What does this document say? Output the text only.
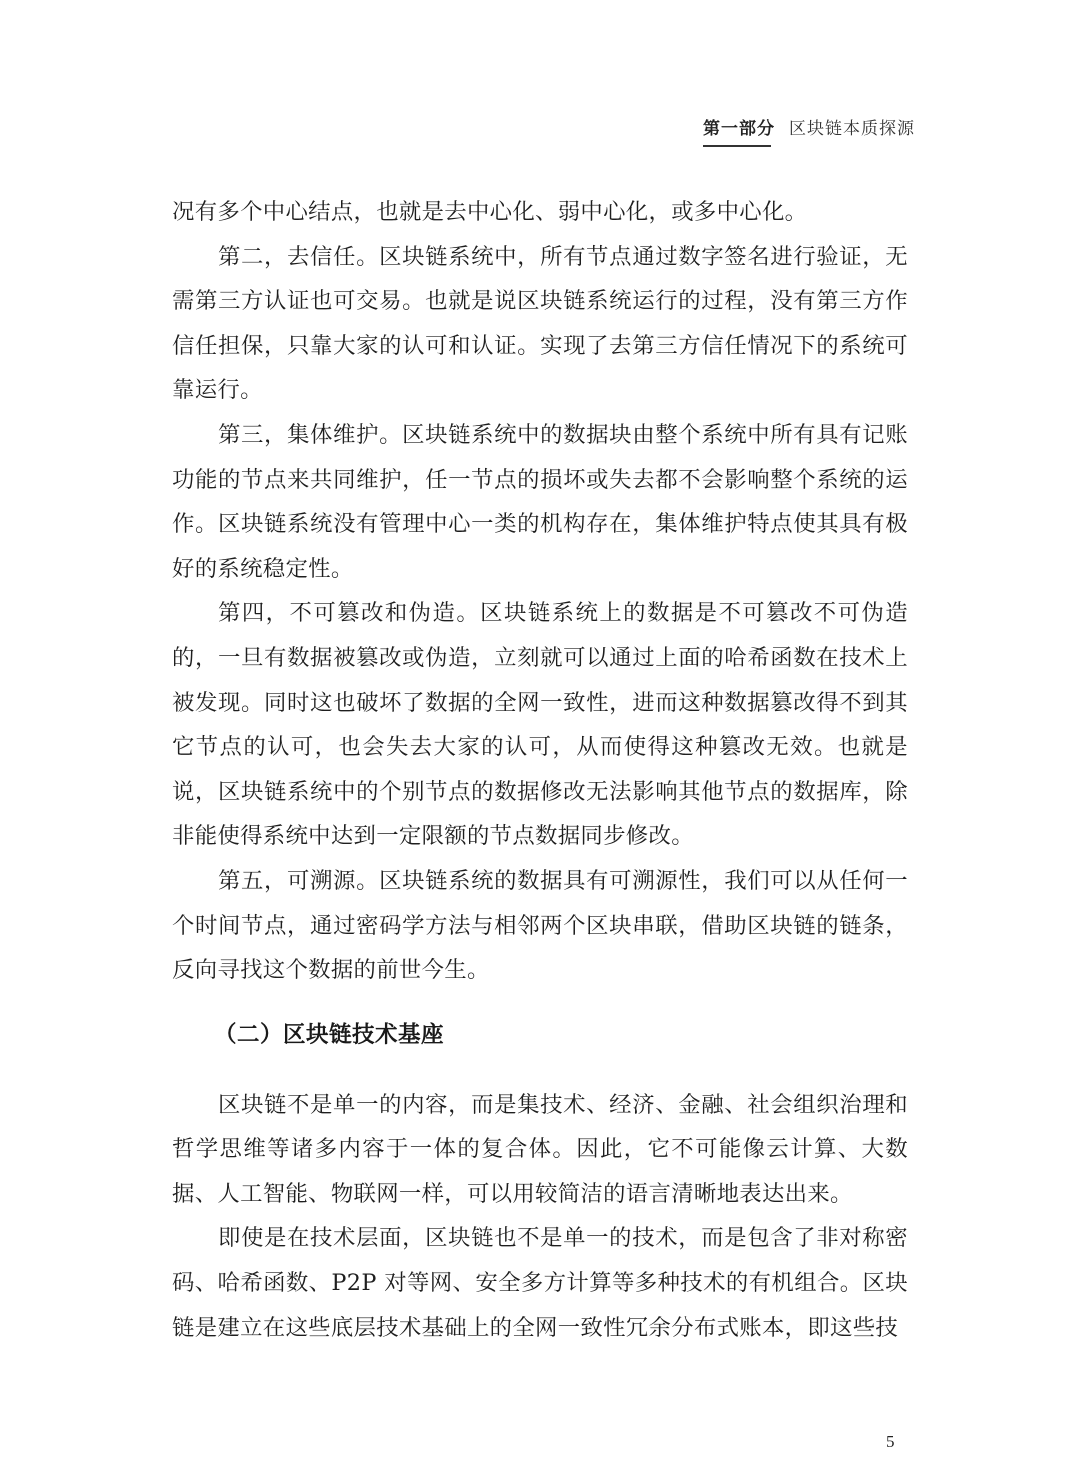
第一部分 区块链本质探源

况有多个中心结点，也就是去中心化、弱中心化，或多中心化。

第二，去信任。区块链系统中，所有节点通过数字签名进行验证，无需第三方认证也可交易。也就是说区块链系统运行的过程，没有第三方作信任担保，只靠大家的认可和认证。实现了去第三方信任情况下的系统可靠运行。

第三，集体维护。区块链系统中的数据块由整个系统中所有具有记账功能的节点来共同维护，任一节点的损坏或失去都不会影响整个系统的运作。区块链系统没有管理中心一类的机构存在，集体维护特点使其具有极好的系统稳定性。

第四，不可篡改和伪造。区块链系统上的数据是不可篡改不可伪造的，一旦有数据被篡改或伪造，立刻就可以通过上面的哈希函数在技术上被发现。同时这也破坏了数据的全网一致性，进而这种数据篡改得不到其它节点的认可，也会失去大家的认可，从而使得这种篡改无效。也就是说，区块链系统中的个别节点的数据修改无法影响其他节点的数据库，除非能使得系统中达到一定限额的节点数据同步修改。

第五，可溯源。区块链系统的数据具有可溯源性，我们可以从任何一个时间节点，通过密码学方法与相邻两个区块串联，借助区块链的链条，反向寻找这个数据的前世今生。

（二）区块链技术基座

区块链不是单一的内容，而是集技术、经济、金融、社会组织治理和哲学思维等诸多内容于一体的复合体。因此，它不可能像云计算、大数据、人工智能、物联网一样，可以用较简洁的语言清晰地表达出来。

即使是在技术层面，区块链也不是单一的技术，而是包含了非对称密码、哈希函数、P2P 对等网、安全多方计算等多种技术的有机组合。区块链是建立在这些底层技术基础上的全网一致性冗余分布式账本，即这些技

5
